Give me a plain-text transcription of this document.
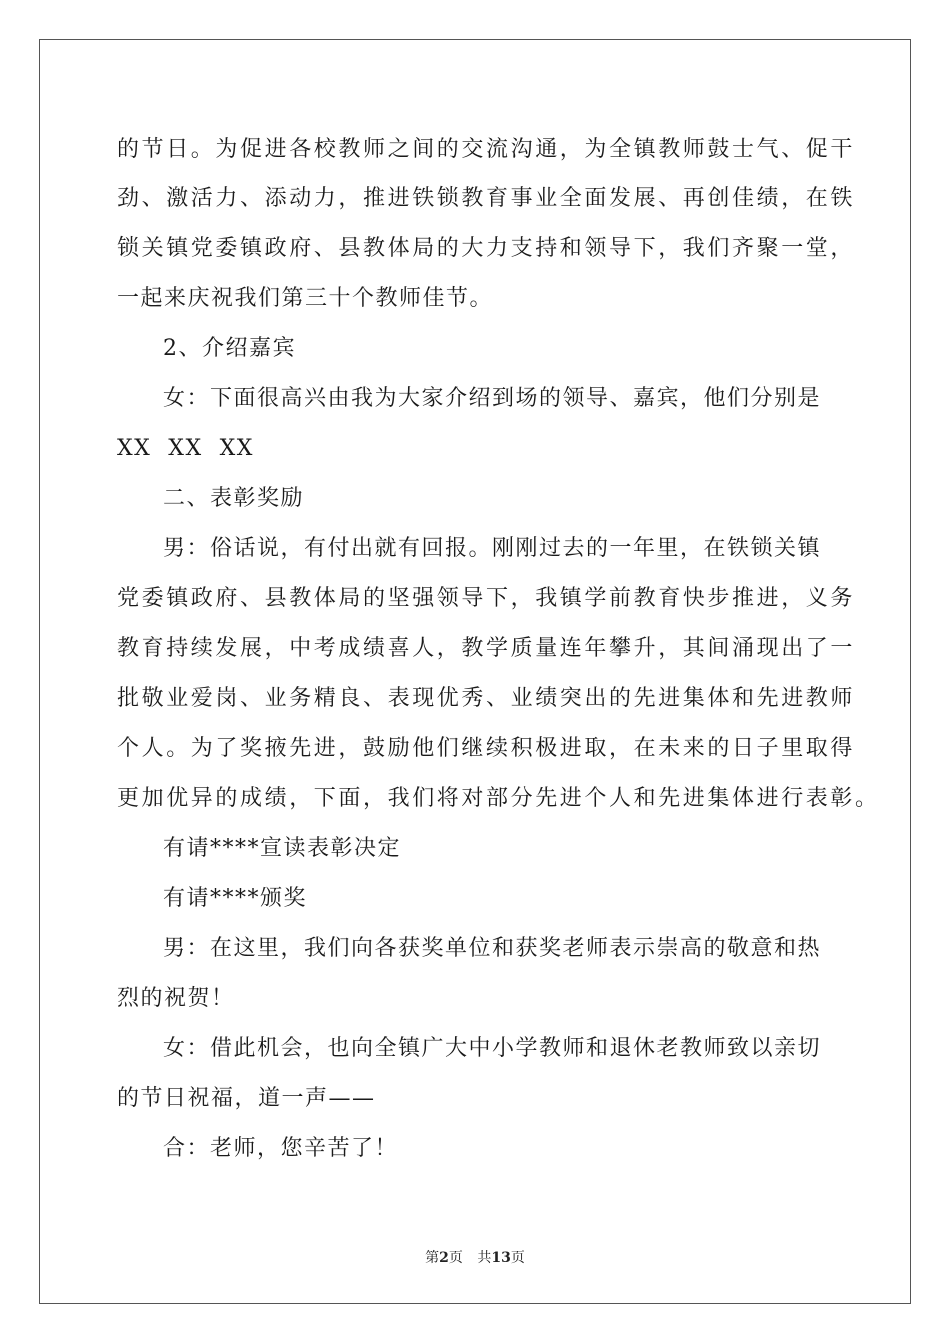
的节日。为促进各校教师之间的交流沟通，为全镇教师鼓士气、促干
劲、激活力、添动力，推进铁锁教育事业全面发展、再创佳绩，在铁
锁关镇党委镇政府、县教体局的大力支持和领导下，我们齐聚一堂，
一起来庆祝我们第三十个教师佳节。
2、介绍嘉宾
女：下面很高兴由我为大家介绍到场的领导、嘉宾，他们分别是
XX  XX  XX
二、表彰奖励
男：俗话说，有付出就有回报。刚刚过去的一年里，在铁锁关镇
党委镇政府、县教体局的坚强领导下，我镇学前教育快步推进，义务
教育持续发展，中考成绩喜人，教学质量连年攀升，其间涌现出了一
批敬业爱岗、业务精良、表现优秀、业绩突出的先进集体和先进教师
个人。为了奖掖先进，鼓励他们继续积极进取，在未来的日子里取得
更加优异的成绩，下面，我们将对部分先进个人和先进集体进行表彰。
有请****宣读表彰决定
有请****颁奖
男：在这里，我们向各获奖单位和获奖老师表示崇高的敬意和热
烈的祝贺！
女：借此机会，也向全镇广大中小学教师和退休老教师致以亲切
的节日祝福，道一声——
合：老师，您辛苦了！
第2页 共13页
